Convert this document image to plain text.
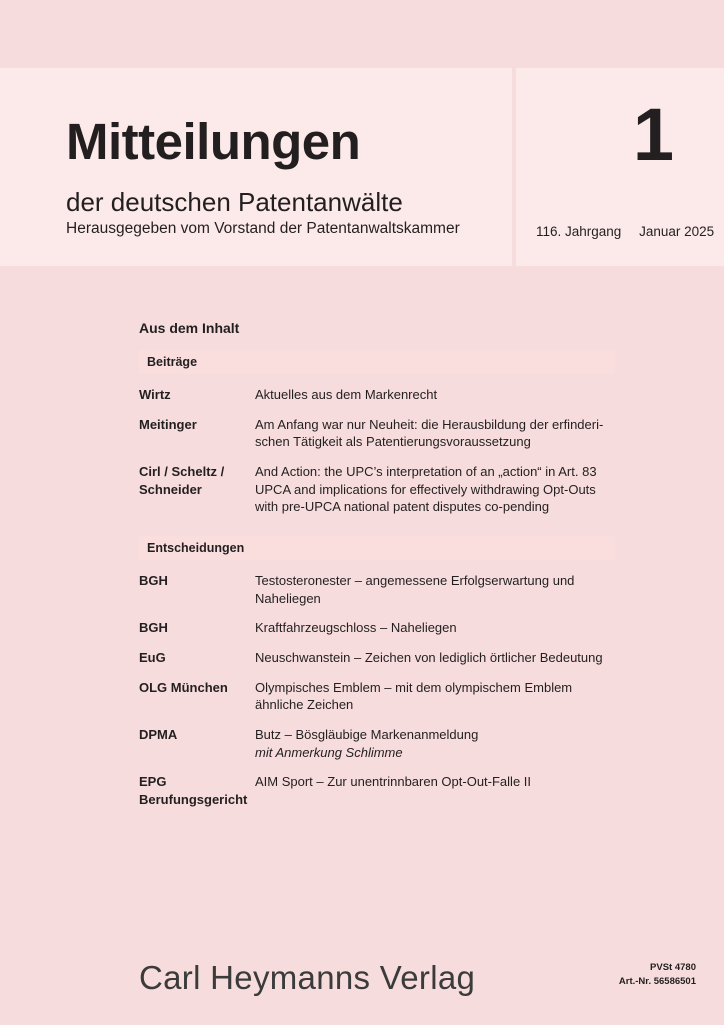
Mitteilungen
der deutschen Patentanwälte
Herausgegeben vom Vorstand der Patentanwaltskammer
1
116. Jahrgang Januar 2025
Aus dem Inhalt
Beiträge
Wirtz	Aktuelles aus dem Markenrecht
Meitinger	Am Anfang war nur Neuheit: die Herausbildung der erfinderi-schen Tätigkeit als Patentierungsvoraussetzung
Cirl / Scheltz /
Schneider	And Action: the UPC’s interpretation of an „action“ in Art. 83 UPCA and implications for effectively withdrawing Opt-Outs with pre-UPCA national patent disputes co-pending
Entscheidungen
BGH	Testosteronester – angemessene Erfolgserwartung und Naheliegen
BGH	Kraftfahrzeugschloss – Naheliegen
EuG	Neuschwanstein – Zeichen von lediglich örtlicher Bedeutung
OLG München	Olympisches Emblem – mit dem olympischem Emblem ähnliche Zeichen
DPMA	Butz – Bösgläubige Markenanmeldung
mit Anmerkung Schlimme

EPG
Berufungsgericht	AIM Sport – Zur unentrinnbaren Opt-Out-Falle II
Carl Heymanns Verlag	PVSt 4780
Art.-Nr. 56586501
